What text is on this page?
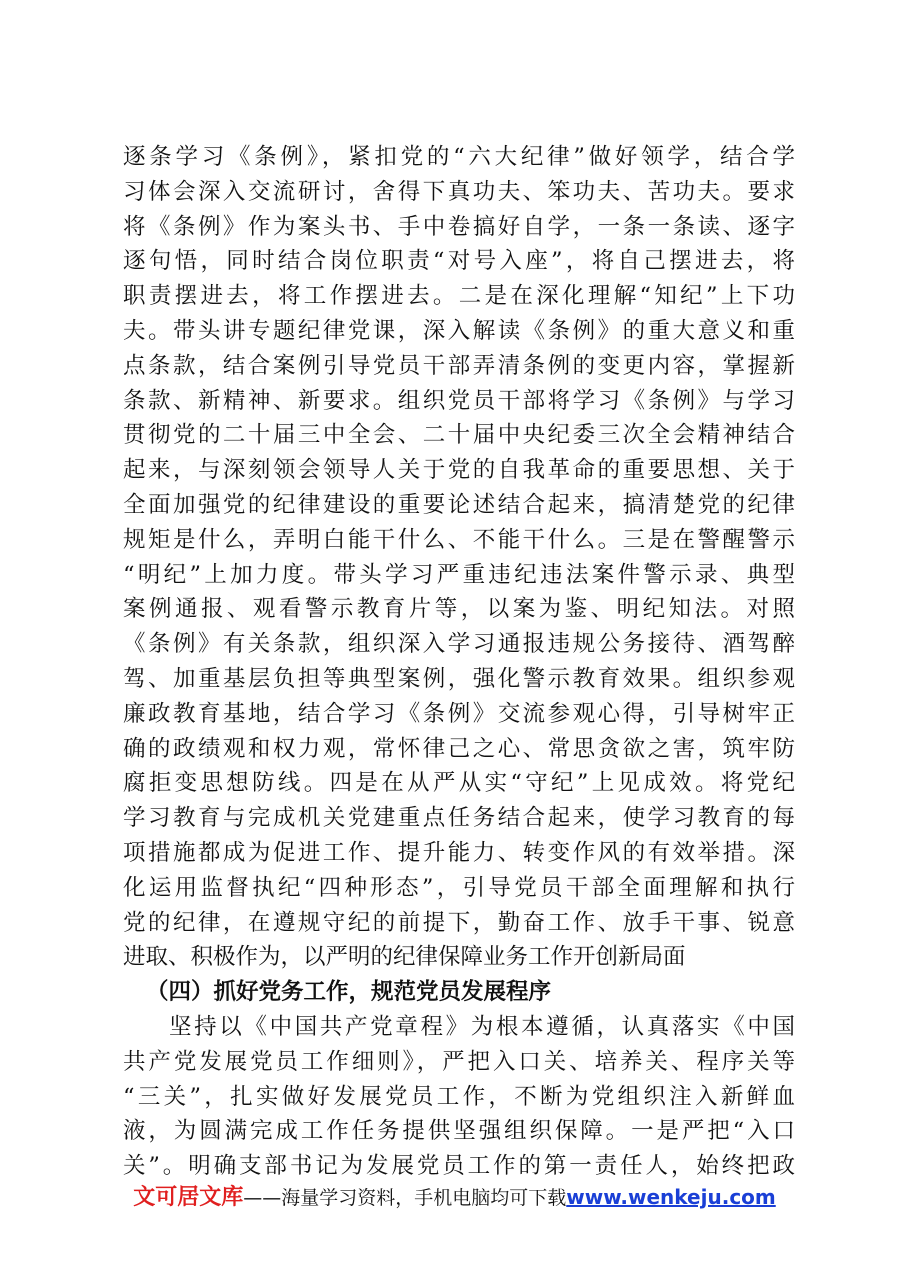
逐条学习《条例》，紧扣党的“六大纪律”做好领学，结合学
习体会深入交流研讨，舍得下真功夫、笨功夫、苦功夫。要求
将《条例》作为案头书、手中卷搞好自学，一条一条读、逐字
逐句悟，同时结合岗位职责“对号入座”，将自己摆进去，将
职责摆进去，将工作摆进去。二是在深化理解“知纪”上下功
夫。带头讲专题纪律党课，深入解读《条例》的重大意义和重
点条款，结合案例引导党员干部弄清条例的变更内容，掌握新
条款、新精神、新要求。组织党员干部将学习《条例》与学习
贯彻党的二十届三中全会、二十届中央纪委三次全会精神结合
起来，与深刻领会领导人关于党的自我革命的重要思想、关于
全面加强党的纪律建设的重要论述结合起来，搞清楚党的纪律
规矩是什么，弄明白能干什么、不能干什么。三是在警醒警示
“明纪”上加力度。带头学习严重违纪违法案件警示录、典型
案例通报、观看警示教育片等，以案为鉴、明纪知法。对照
《条例》有关条款，组织深入学习通报违规公务接待、酒驾醉
驾、加重基层负担等典型案例，强化警示教育效果。组织参观
廉政教育基地，结合学习《条例》交流参观心得，引导树牢正
确的政绩观和权力观，常怀律己之心、常思贪欲之害，筑牢防
腐拒变思想防线。四是在从严从实“守纪”上见成效。将党纪
学习教育与完成机关党建重点任务结合起来，使学习教育的每
项措施都成为促进工作、提升能力、转变作风的有效举措。深
化运用监督执纪“四种形态”，引导党员干部全面理解和执行
党的纪律，在遵规守纪的前提下，勤奋工作、放手干事、锐意
进取、积极作为，以严明的纪律保障业务工作开创新局面
（四）抓好党务工作，规范党员发展程序
坚持以《中国共产党章程》为根本遵循，认真落实《中国
共产党发展党员工作细则》，严把入口关、培养关、程序关等
“三关”，扎实做好发展党员工作，不断为党组织注入新鲜血
液，为圆满完成工作任务提供坚强组织保障。一是严把“入口
关”。明确支部书记为发展党员工作的第一责任人，始终把政
文可居文库——海量学习资料，手机电脑均可下载www.wenkeju.com
